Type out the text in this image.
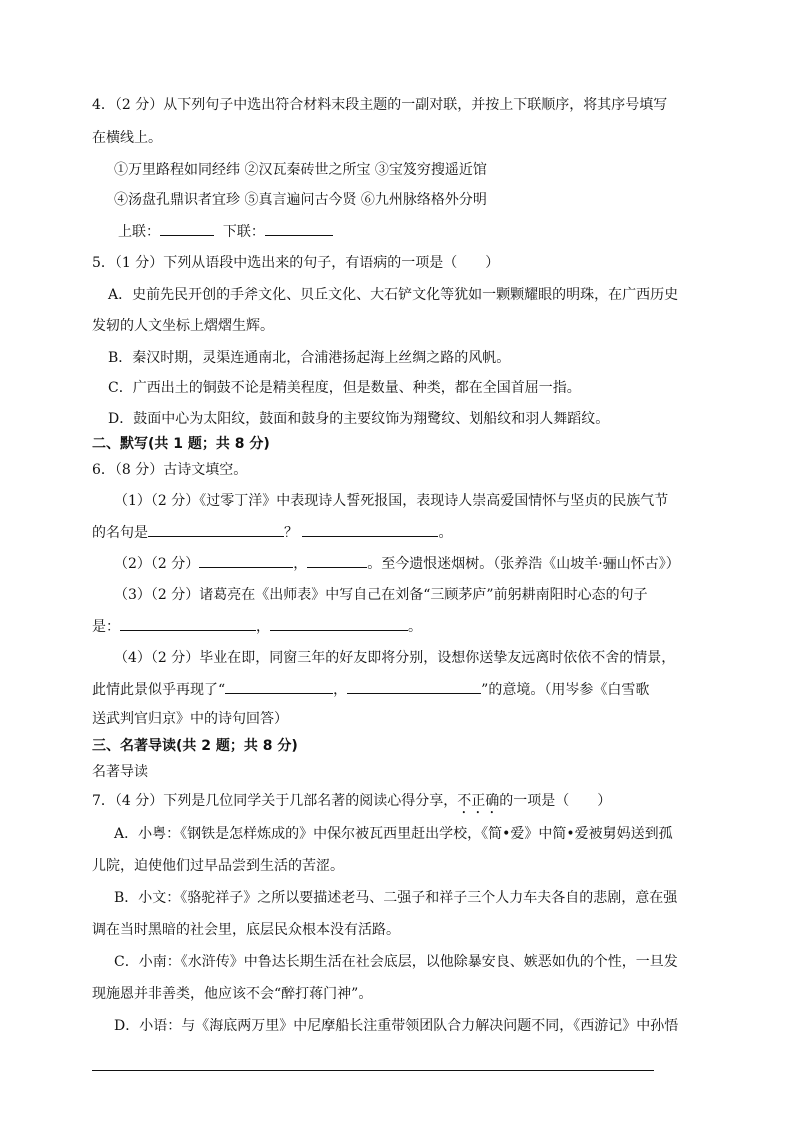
4．（2 分）从下列句子中选出符合材料末段主题的一副对联，并按上下联顺序，将其序号填写
在横线上。
①万里路程如同经纬 ②汉瓦秦砖世之所宝 ③宝笈穷搜遥近馆
④汤盘孔鼎识者宜珍 ⑤真言遍问古今贤 ⑥九州脉络格外分明
上联：	下联：
5．（1 分）下列从语段中选出来的句子，有语病的一项是（　　）
A．史前先民开创的手斧文化、贝丘文化、大石铲文化等犹如一颗颗耀眼的明珠，在广西历史
发轫的人文坐标上熠熠生辉。
B．秦汉时期，灵渠连通南北，合浦港扬起海上丝绸之路的风帆。
C．广西出土的铜鼓不论是精美程度，但是数量、种类，都在全国首屈一指。
D．鼓面中心为太阳纹，鼓面和鼓身的主要纹饰为翔鹭纹、划船纹和羽人舞蹈纹。
二、默写(共 1 题；共 8 分)
6．（8 分）古诗文填空。
（1）（2 分）《过零丁洋》中表现诗人誓死报国，表现诗人崇高爱国情怀与坚贞的民族气节
的名句是	？	。
（2）（2 分）	，	。至今遗恨迷烟树。（张养浩《山坡羊·骊山怀古》）
（3）（2 分）诸葛亮在《出师表》中写自己在刘备“三顾茅庐”前躬耕南阳时心态的句子
是：	，	。
（4）（2 分）毕业在即，同窗三年的好友即将分别，设想你送挚友远离时依依不舍的情景，
此情此景似乎再现了“	，	”的意境。（用岑参《白雪歌
送武判官归京》中的诗句回答）
三、名著导读(共 2 题；共 8 分)
名著导读
7．（4 分）下列是几位同学关于几部名著的阅读心得分享，不正确的一项是（　　）
A．小粤：《钢铁是怎样炼成的》中保尔被瓦西里赶出学校，《简•爱》中简•爱被舅妈送到孤
儿院，迫使他们过早品尝到生活的苦涩。
B．小文：《骆驼祥子》之所以要描述老马、二强子和祥子三个人力车夫各自的悲剧，意在强
调在当时黑暗的社会里，底层民众根本没有活路。
C．小南：《水浒传》中鲁达长期生活在社会底层，以他除暴安良、嫉恶如仇的个性，一旦发
现施恩并非善类，他应该不会“醉打蒋门神”。
D．小语：与《海底两万里》中尼摩船长注重带领团队合力解决问题不同，《西游记》中孙悟
